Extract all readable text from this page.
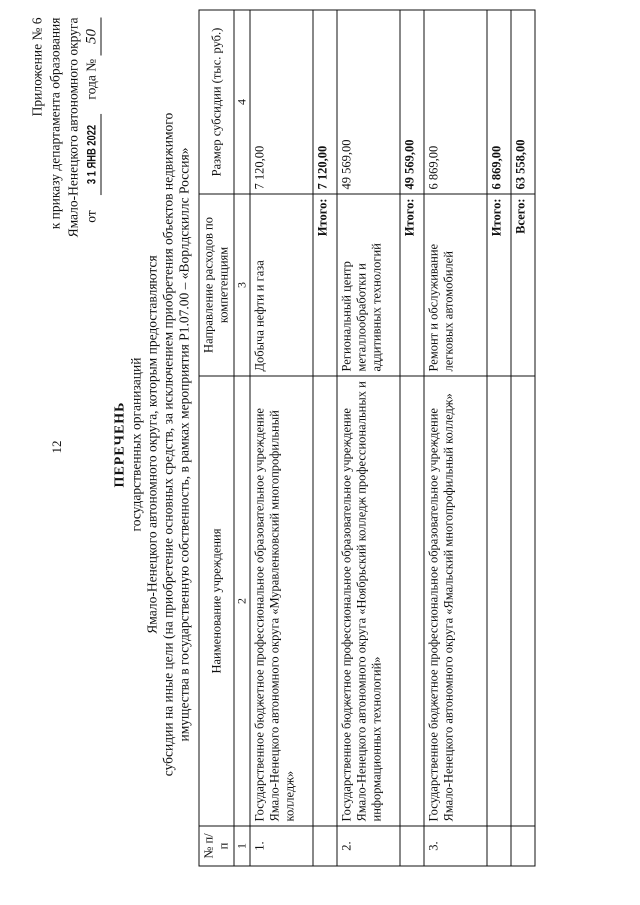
12
Приложение № 6 к приказу департамента образования Ямало-Ненецкого автономного округа от 3 1 ЯНВ 2022 года № 50
ПЕРЕЧЕНЬ государственных организаций Ямало-Ненецкого автономного округа, которым предоставляются субсидии на иные цели (на приобретение основных средств, за исключением приобретения объектов недвижимого имущества в государственную собственность, в рамках мероприятия Р1.07.00 – «Ворлдскиллс Россия»
№ п/п	Наименование учреждения	Направление расходов по компетенциям	Размер субсидии (тыс. руб.)
1	2	3	4
1.	Государственное бюджетное профессиональное образовательное учреждение Ямало-Ненецкого автономного округа «Муравленковский многопрофильный колледж»	Добыча нефти и газа	7 120,00
		Итого:	7 120,00
2.	Государственное бюджетное профессиональное образовательное учреждение Ямало-Ненецкого автономного округа «Ноябрьский колледж профессиональных и информационных технологий»	Региональный центр металлообработки и аддитивных технологий	49 569,00
		Итого:	49 569,00
3.	Государственное бюджетное профессиональное образовательное учреждение Ямало-Ненецкого автономного округа «Ямальский многопрофильный колледж»	Ремонт и обслуживание легковых автомобилей	6 869,00
		Итого:	6 869,00
		Всего:	63 558,00
